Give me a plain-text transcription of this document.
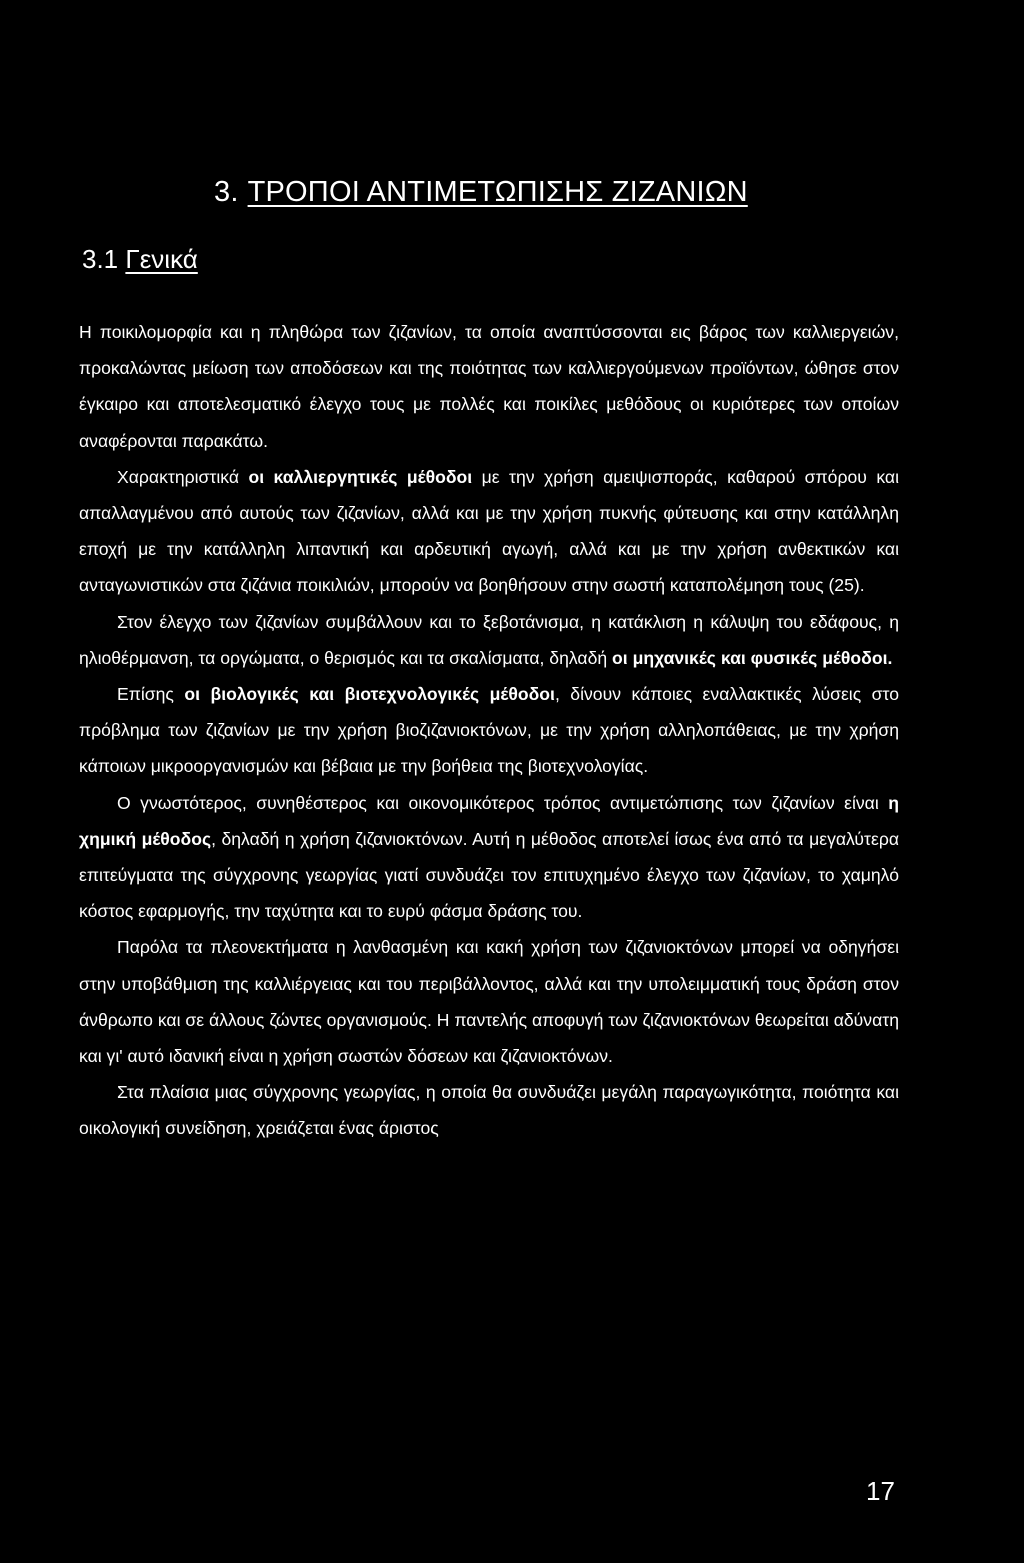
3. ΤΡΟΠΟΙ ΑΝΤΙΜΕΤΩΠΙΣΗΣ ΖΙΖΑΝΙΩΝ
3.1 Γενικά

Η ποικιλομορφία και η πληθώρα των ζιζανίων, τα οποία αναπτύσσονται εις βάρος των καλλιεργειών, προκαλώντας μείωση των αποδόσεων και της ποιότητας των καλλιεργούμενων προϊόντων, ώθησε στον έγκαιρο και αποτελεσματικό έλεγχο τους με πολλές και ποικίλες μεθόδους οι κυριότερες των οποίων αναφέρονται παρακάτω.

Χαρακτηριστικά οι καλλιεργητικές μέθοδοι με την χρήση αμειψισποράς, καθαρού σπόρου και απαλλαγμένου από αυτούς των ζιζανίων, αλλά και με την χρήση πυκνής φύτευσης και στην κατάλληλη εποχή με την κατάλληλη λιπαντική και αρδευτική αγωγή, αλλά και με την χρήση ανθεκτικών και ανταγωνιστικών στα ζιζάνια ποικιλιών, μπορούν να βοηθήσουν στην σωστή καταπολέμηση τους (25).

Στον έλεγχο των ζιζανίων συμβάλλουν και το ξεβοτάνισμα, η κατάκλιση η κάλυψη του εδάφους, η ηλιοθέρμανση, τα οργώματα, ο θερισμός και τα σκαλίσματα, δηλαδή οι μηχανικές και φυσικές μέθοδοι.

Επίσης οι βιολογικές και βιοτεχνολογικές μέθοδοι, δίνουν κάποιες εναλλακτικές λύσεις στο πρόβλημα των ζιζανίων με την χρήση βιοζιζανιοκτόνων, με την χρήση αλληλοπάθειας, με την χρήση κάποιων μικροοργανισμών και βέβαια με την βοήθεια της βιοτεχνολογίας.

Ο γνωστότερος, συνηθέστερος και οικονομικότερος τρόπος αντιμετώπισης των ζιζανίων είναι η χημική μέθοδος, δηλαδή η χρήση ζιζανιοκτόνων. Αυτή η μέθοδος αποτελεί ίσως ένα από τα μεγαλύτερα επιτεύγματα της σύγχρονης γεωργίας γιατί συνδυάζει τον επιτυχημένο έλεγχο των ζιζανίων, το χαμηλό κόστος εφαρμογής, την ταχύτητα και το ευρύ φάσμα δράσης του.

Παρόλα τα πλεονεκτήματα η λανθασμένη και κακή χρήση των ζιζανιοκτόνων μπορεί να οδηγήσει στην υποβάθμιση της καλλιέργειας και του περιβάλλοντος, αλλά και την υπολειμματική τους δράση στον άνθρωπο και σε άλλους ζώντες οργανισμούς. Η παντελής αποφυγή των ζιζανιοκτόνων θεωρείται αδύνατη και γι' αυτό ιδανική είναι η χρήση σωστών δόσεων και ζιζανιοκτόνων.

Στα πλαίσια μιας σύγχρονης γεωργίας, η οποία θα συνδυάζει μεγάλη παραγωγικότητα, ποιότητα και οικολογική συνείδηση, χρειάζεται ένας άριστος

17
